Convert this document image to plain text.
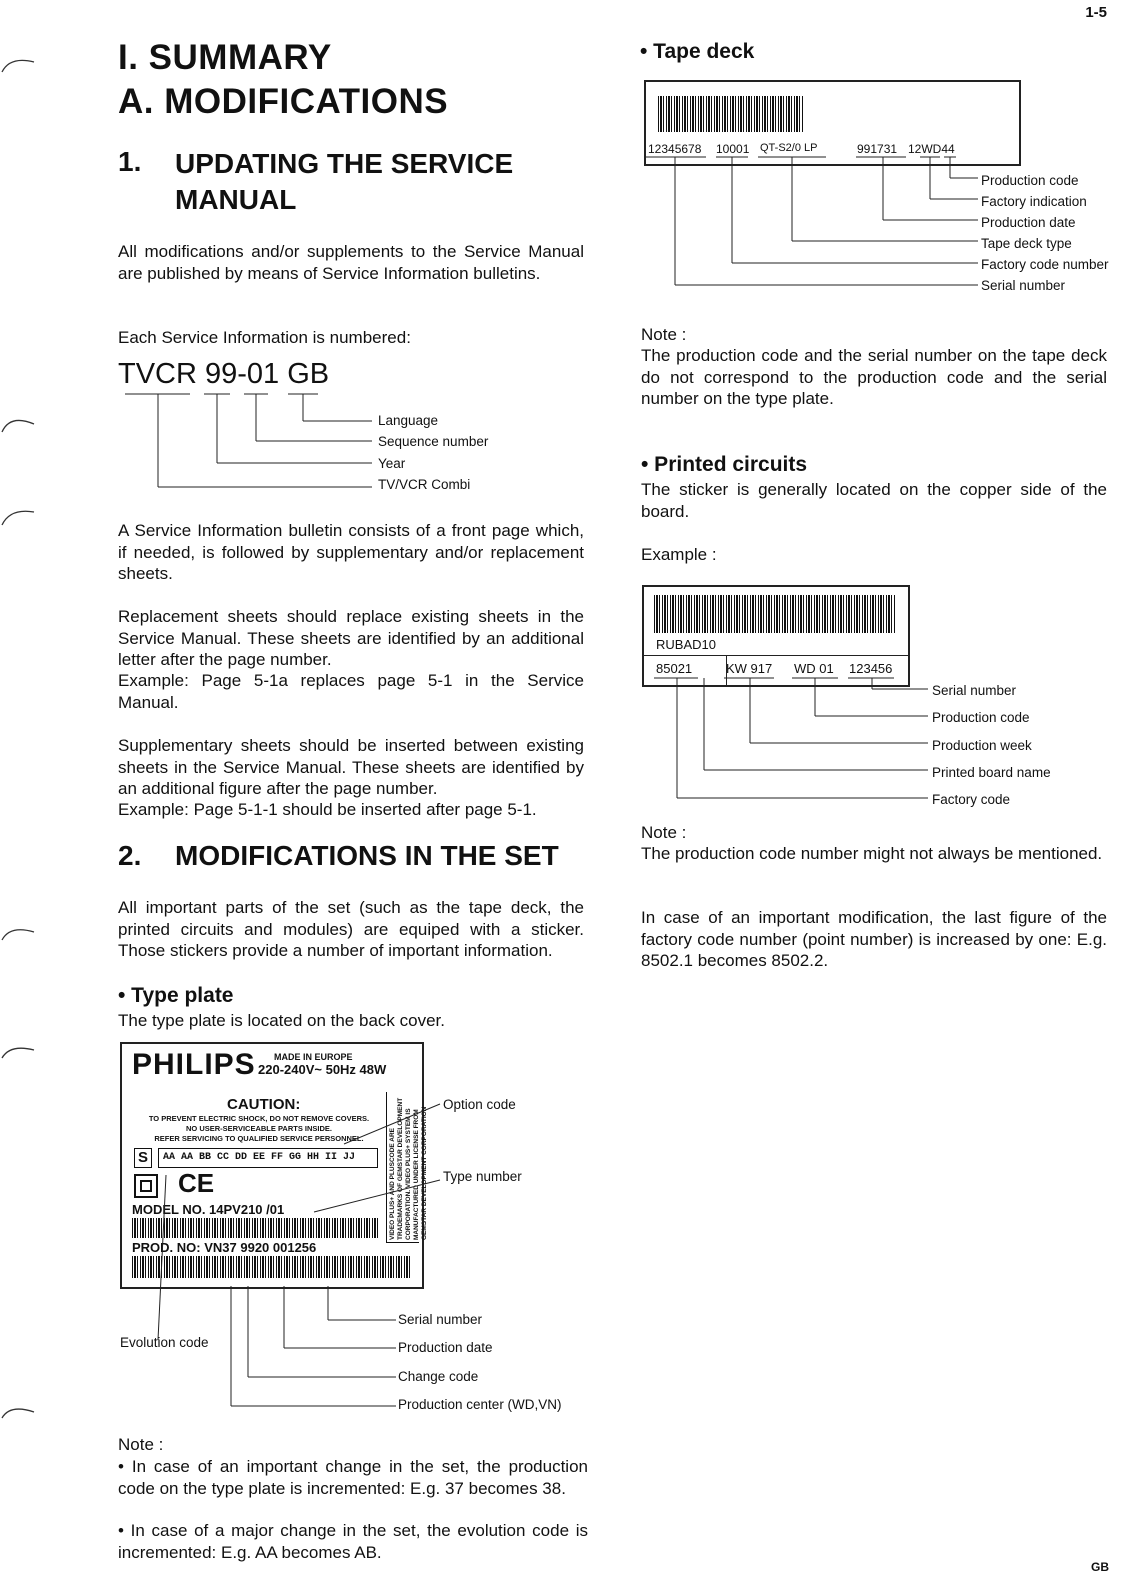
1-5
GB
I. SUMMARY
A. MODIFICATIONS
1. UPDATING THE SERVICE
MANUAL
All modifications and/or supplements to the Service Manual are published by means of Service Information bulletins.
Each Service Information is numbered:
TVCR 99-01 GB
Language
Sequence number
Year
TV/VCR Combi
A Service Information bulletin consists of a front page which, if needed, is followed by supplementary and/or replacement sheets.
Replacement sheets should replace existing sheets in the Service Manual. These sheets are identified by an additional letter after the page number.
Example: Page 5-1a replaces page 5-1 in the Service Manual.
Supplementary sheets should be inserted between existing sheets in the Service Manual. These sheets are identified by an additional figure after the page number.
Example: Page 5-1-1 should be inserted after page 5-1.
2. MODIFICATIONS IN THE SET
All important parts of the set (such as the tape deck, the printed circuits and modules) are equiped with a sticker. Those stickers provide a number of important information.
• Type plate
The type plate is located on the back cover.
PHILIPS MADE IN EUROPE
220-240V~ 50Hz 48W
CAUTION:
TO PREVENT ELECTRIC SHOCK, DO NOT REMOVE COVERS.
NO USER-SERVICEABLE PARTS INSIDE.
REFER SERVICING TO QUALIFIED SERVICE PERSONNEL.
S	AA AA BB CC DD EE FF GG HH II JJ
CE
MODEL NO. 14PV210 /01
PROD. NO: VN37 9920 001256
VIDEO PLUS+ AND PLUSCODE ARE TRADEMARKS OF GEMSTAR DEVELOPMENT CORPORATION. VIDEO PLUS+ SYSTEM IS MANUFACTURED UNDER LICENSE FROM GEMSTAR DEVELOPMENT CORPORATION
Option code
Type number
Evolution code
Serial number
Production date
Change code
Production center (WD,VN)
Note :
• In case of an important change in the set, the production code on the type plate is incremented: E.g. 37 becomes 38.
• In case of a major change in the set, the evolution code is incremented: E.g. AA becomes AB.
• Tape deck
12345678 10001 QT-S2/0 LP	991731 12WD44
Production code
Factory indication
Production date
Tape deck type
Factory code number
Serial number
Note :
The production code and the serial number on the tape deck do not correspond to the production code and the serial number on the type plate.
• Printed circuits
The sticker is generally located on the copper side of the board.
Example :
RUBAD10
85021	KW 917 WD 01 123456
Serial number
Production code
Production week
Printed board name
Factory code
Note :
The production code number might not always be mentioned.
In case of an important modification, the last figure of the factory code number (point number) is increased by one: E.g. 8502.1 becomes 8502.2.
